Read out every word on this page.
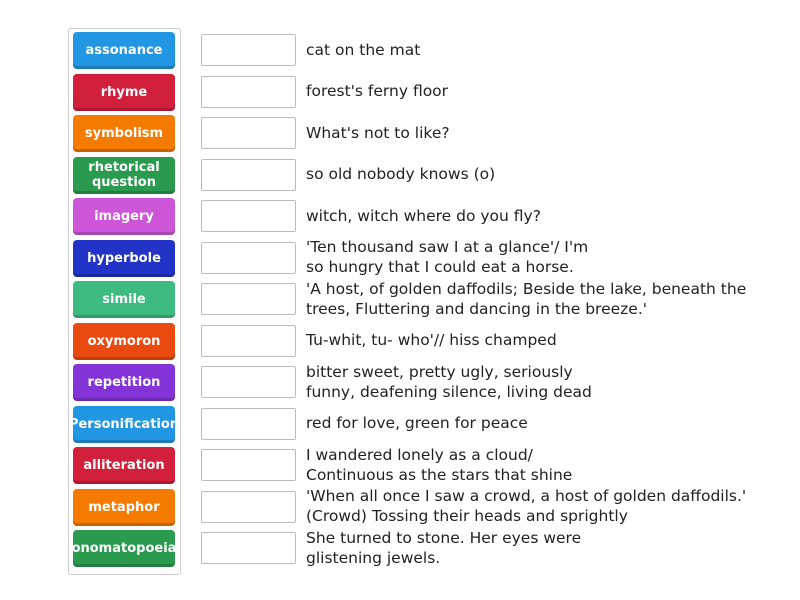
assonance
rhyme
symbolism
rhetorical question
imagery
hyperbole
simile
oxymoron
repetition
Personification
alliteration
metaphor
onomatopoeia
cat on the mat
forest's ferny floor
What's not to like?
so old nobody knows (o)
witch, witch where do you fly?
'Ten thousand saw I at a glance'/ I'm so hungry that I could eat a horse.
'A host, of golden daffodils; Beside the lake, beneath the trees, Fluttering and dancing in the breeze.'
Tu-whit, tu- who'// hiss champed
bitter sweet, pretty ugly, seriously funny, deafening silence, living dead
red for love, green for peace
I wandered lonely as a cloud/ Continuous as the stars that shine
'When all once I saw a crowd, a host of golden daffodils.' (Crowd) Tossing their heads and sprightly
She turned to stone. Her eyes were glistening jewels.
